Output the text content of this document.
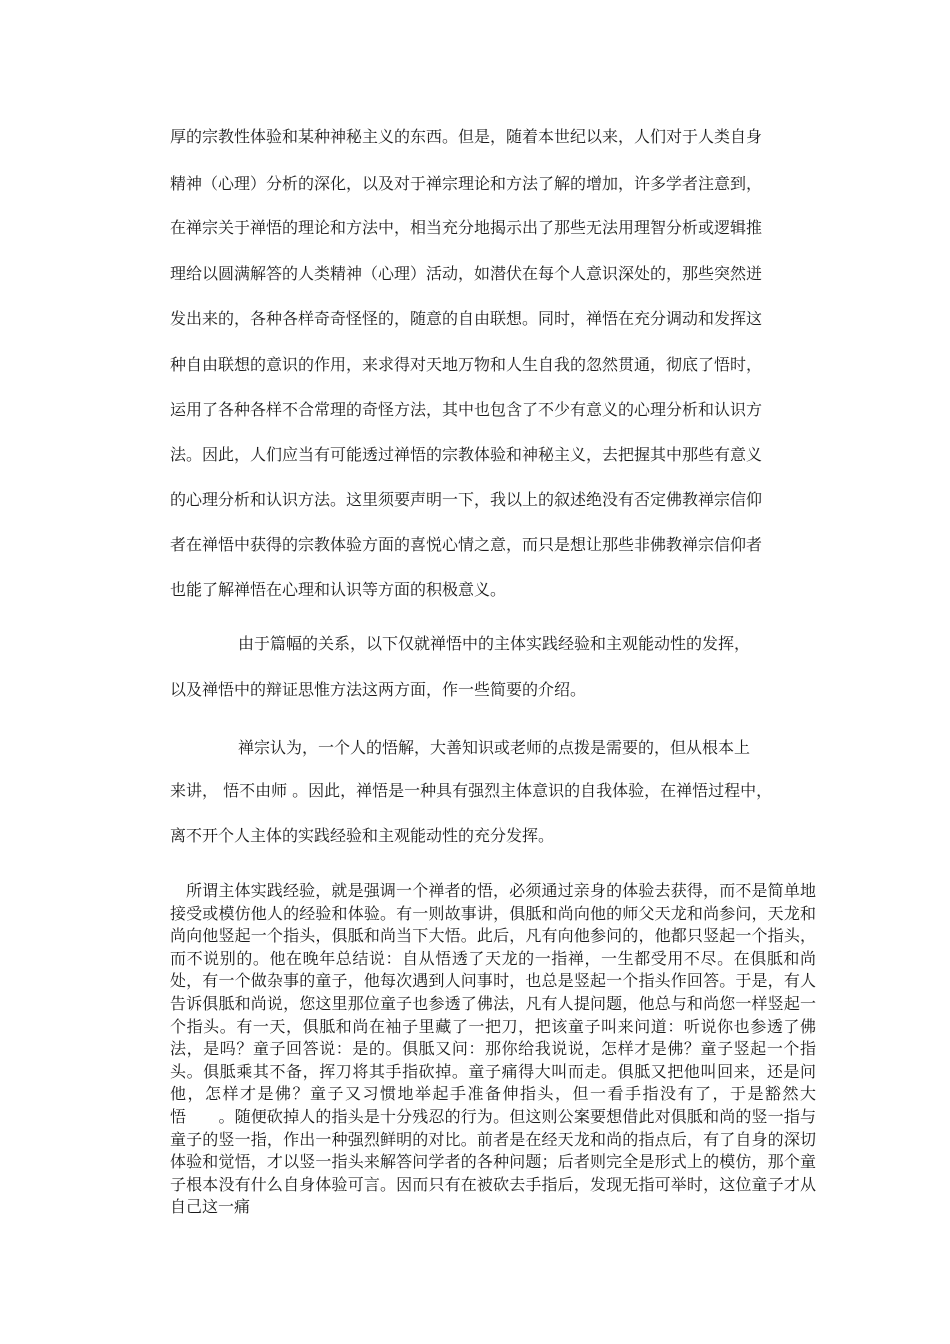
厚的宗教性体验和某种神秘主义的东西。但是，随着本世纪以来，人们对于人类自身
精神（心理）分析的深化，以及对于禅宗理论和方法了解的增加，许多学者注意到，
在禅宗关于禅悟的理论和方法中，相当充分地揭示出了那些无法用理智分析或逻辑推
理给以圆满解答的人类精神（心理）活动，如潜伏在每个人意识深处的，那些突然迸
发出来的，各种各样奇奇怪怪的，随意的自由联想。同时，禅悟在充分调动和发挥这
种自由联想的意识的作用，来求得对天地万物和人生自我的忽然贯通，彻底了悟时，
运用了各种各样不合常理的奇怪方法，其中也包含了不少有意义的心理分析和认识方
法。因此，人们应当有可能透过禅悟的宗教体验和神秘主义，去把握其中那些有意义
的心理分析和认识方法。这里须要声明一下，我以上的叙述绝没有否定佛教禅宗信仰
者在禅悟中获得的宗教体验方面的喜悦心情之意，而只是想让那些非佛教禅宗信仰者
也能了解禅悟在心理和认识等方面的积极意义。
由于篇幅的关系，以下仅就禅悟中的主体实践经验和主观能动性的发挥，
以及禅悟中的辩证思惟方法这两方面，作一些简要的介绍。
禅宗认为，一个人的悟解，大善知识或老师的点拨是需要的，但从根本上
来讲， 悟不由师 。因此，禅悟是一种具有强烈主体意识的自我体验，在禅悟过程中，
离不开个人主体的实践经验和主观能动性的充分发挥。

所谓主体实践经验，就是强调一个禅者的悟，必须通过亲身的体验去获得，而不是简单地接受或模仿他人的经验和体验。有一则故事讲，俱胝和尚向他的师父天龙和尚参问，天龙和尚向他竖起一个指头，俱胝和尚当下大悟。此后，凡有向他参问的，他都只竖起一个指头，而不说别的。他在晚年总结说：自从悟透了天龙的一指禅，一生都受用不尽。在俱胝和尚处，有一个做杂事的童子，他每次遇到人问事时，也总是竖起一个指头作回答。于是，有人告诉俱胝和尚说，您这里那位童子也参透了佛法，凡有人提问题，他总与和尚您一样竖起一个指头。有一天，俱胝和尚在袖子里藏了一把刀，把该童子叫来问道：听说你也参透了佛法，是吗？童子回答说：是的。俱胝又问：那你给我说说，怎样才是佛？童子竖起一个指头。俱胝乘其不备，挥刀将其手指砍掉。童子痛得大叫而走。俱胝又把他叫回来，还是问他，怎样才是佛？童子又习惯地举起手准备伸指头，但一看手指没有了，于是豁然大悟　　。随便砍掉人的指头是十分残忍的行为。但这则公案要想借此对俱胝和尚的竖一指与童子的竖一指，作出一种强烈鲜明的对比。前者是在经天龙和尚的指点后，有了自身的深切体验和觉悟，才以竖一指头来解答问学者的各种问题；后者则完全是形式上的模仿，那个童子根本没有什么自身体验可言。因而只有在被砍去手指后，发现无指可举时，这位童子才从自己这一痛
